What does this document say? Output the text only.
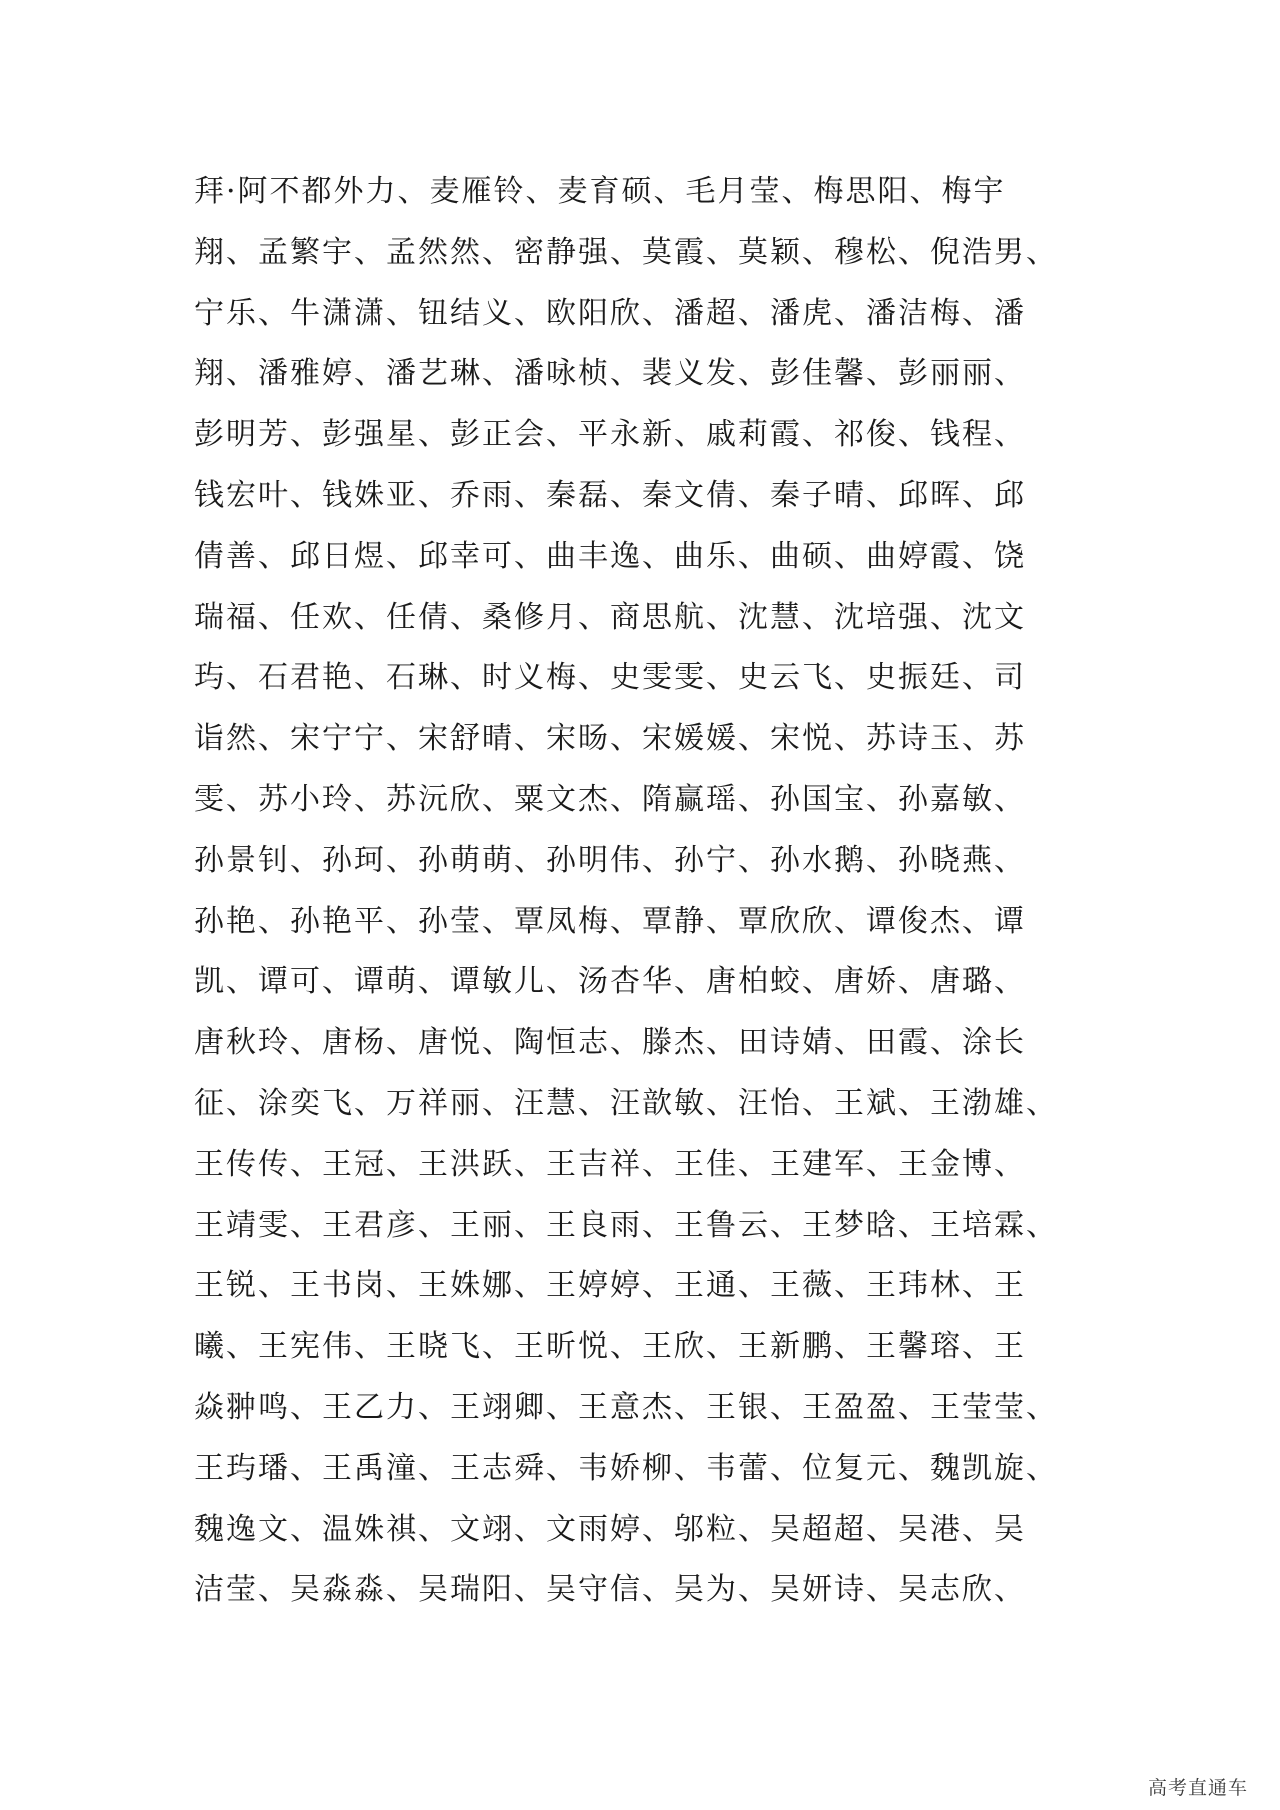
拜·阿不都外力、麦雁铃、麦育硕、毛月莹、梅思阳、梅宇
翔、孟繁宇、孟然然、密静强、莫霞、莫颖、穆松、倪浩男、
宁乐、牛潇潇、钮结义、欧阳欣、潘超、潘虎、潘洁梅、潘
翔、潘雅婷、潘艺琳、潘咏桢、裴义发、彭佳馨、彭丽丽、
彭明芳、彭强星、彭正会、平永新、戚莉霞、祁俊、钱程、
钱宏叶、钱姝亚、乔雨、秦磊、秦文倩、秦子晴、邱晖、邱
倩善、邱日煜、邱幸可、曲丰逸、曲乐、曲硕、曲婷霞、饶
瑞福、任欢、任倩、桑修月、商思航、沈慧、沈培强、沈文
玙、石君艳、石琳、时义梅、史雯雯、史云飞、史振廷、司
诣然、宋宁宁、宋舒晴、宋旸、宋媛媛、宋悦、苏诗玉、苏
雯、苏小玲、苏沅欣、粟文杰、隋赢瑶、孙国宝、孙嘉敏、
孙景钊、孙珂、孙萌萌、孙明伟、孙宁、孙水鹅、孙晓燕、
孙艳、孙艳平、孙莹、覃凤梅、覃静、覃欣欣、谭俊杰、谭
凯、谭可、谭萌、谭敏儿、汤杏华、唐柏蛟、唐娇、唐璐、
唐秋玲、唐杨、唐悦、陶恒志、滕杰、田诗婧、田霞、涂长
征、涂奕飞、万祥丽、汪慧、汪歆敏、汪怡、王斌、王渤雄、
王传传、王冠、王洪跃、王吉祥、王佳、王建军、王金博、
王靖雯、王君彦、王丽、王良雨、王鲁云、王梦晗、王培霖、
王锐、王书岗、王姝娜、王婷婷、王通、王薇、王玮林、王
曦、王宪伟、王晓飞、王昕悦、王欣、王新鹏、王馨瑢、王
焱翀鸣、王乙力、王翊卿、王意杰、王银、王盈盈、王莹莹、
王玙璠、王禹潼、王志舜、韦娇柳、韦蕾、位复元、魏凯旋、
魏逸文、温姝祺、文翊、文雨婷、邬粒、吴超超、吴港、吴
洁莹、吴淼淼、吴瑞阳、吴守信、吴为、吴妍诗、吴志欣、
高考直通车
